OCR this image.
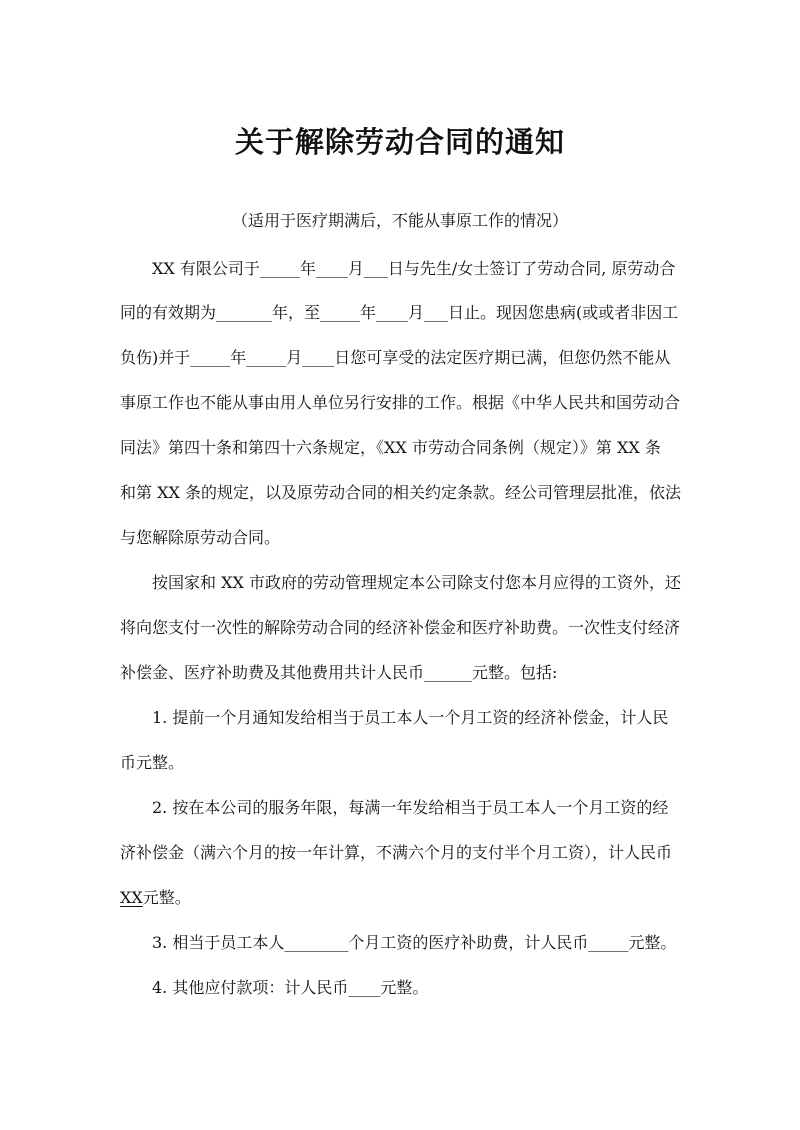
关于解除劳动合同的通知
（适用于医疗期满后，不能从事原工作的情况）
XX 有限公司于_____年____月___日与先生/女士签订了劳动合同, 原劳动合
同的有效期为_______年，至_____年____月___日止。现因您患病(或或者非因工
负伤)并于_____年_____月____日您可享受的法定医疗期已满，但您仍然不能从
事原工作也不能从事由用人单位另行安排的工作。根据《中华人民共和国劳动合
同法》第四十条和第四十六条规定，《XX 市劳动合同条例（规定）》第 XX 条
和第 XX 条的规定，以及原劳动合同的相关约定条款。经公司管理层批准，依法
与您解除原劳动合同。
按国家和 XX 市政府的劳动管理规定本公司除支付您本月应得的工资外，还
将向您支付一次性的解除劳动合同的经济补偿金和医疗补助费。一次性支付经济
补偿金、医疗补助费及其他费用共计人民币______元整。包括:
1. 提前一个月通知发给相当于员工本人一个月工资的经济补偿金，计人民
币元整。
2. 按在本公司的服务年限，每满一年发给相当于员工本人一个月工资的经
济补偿金（满六个月的按一年计算，不满六个月的支付半个月工资），计人民币
XX元整。
3. 相当于员工本人________个月工资的医疗补助费，计人民币_____元整。
4. 其他应付款项：计人民币____元整。
